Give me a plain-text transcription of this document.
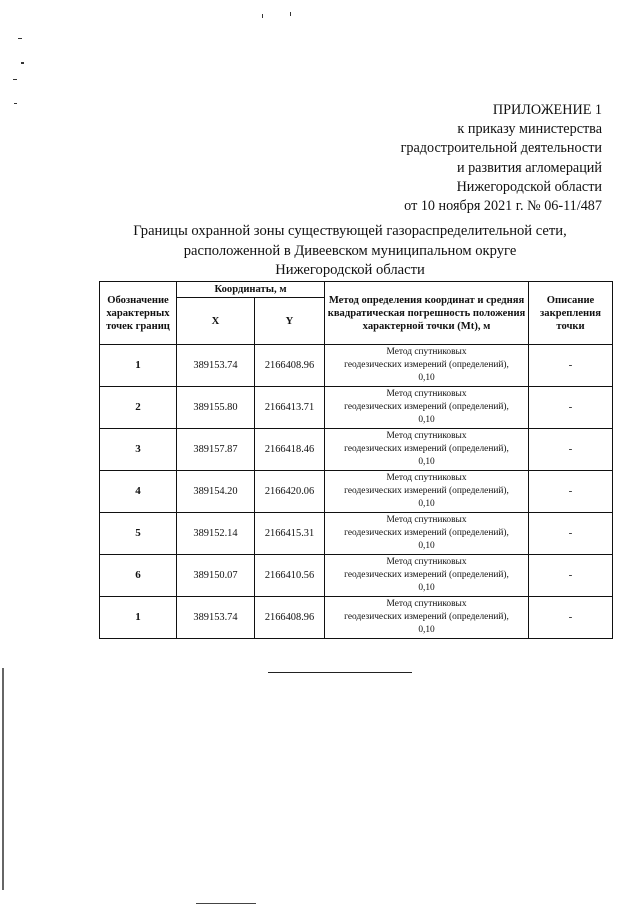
ПРИЛОЖЕНИЕ 1
к приказу министерства
градостроительной деятельности
и развития агломераций
Нижегородской области
от 10 ноября 2021 г. № 06-11/487
Границы охранной зоны существующей газораспределительной сети,
расположенной в Дивеевском муниципальном округе
Нижегородской области
Обозначение характерных точек границ	Координаты, м		Метод определения координат и средняя квадратическая погрешность положения характерной точки (Mt), м	Описание закрепления точки
	X	Y		
1	389153.74	2166408.96	Метод спутниковых
геодезических измерений (определений),
0,10	-
2	389155.80	2166413.71	Метод спутниковых
геодезических измерений (определений),
0,10	-
3	389157.87	2166418.46	Метод спутниковых
геодезических измерений (определений),
0,10	-
4	389154.20	2166420.06	Метод спутниковых
геодезических измерений (определений),
0,10	-
5	389152.14	2166415.31	Метод спутниковых
геодезических измерений (определений),
0,10	-
6	389150.07	2166410.56	Метод спутниковых
геодезических измерений (определений),
0,10	-
1	389153.74	2166408.96	Метод спутниковых
геодезических измерений (определений),
0,10	-
